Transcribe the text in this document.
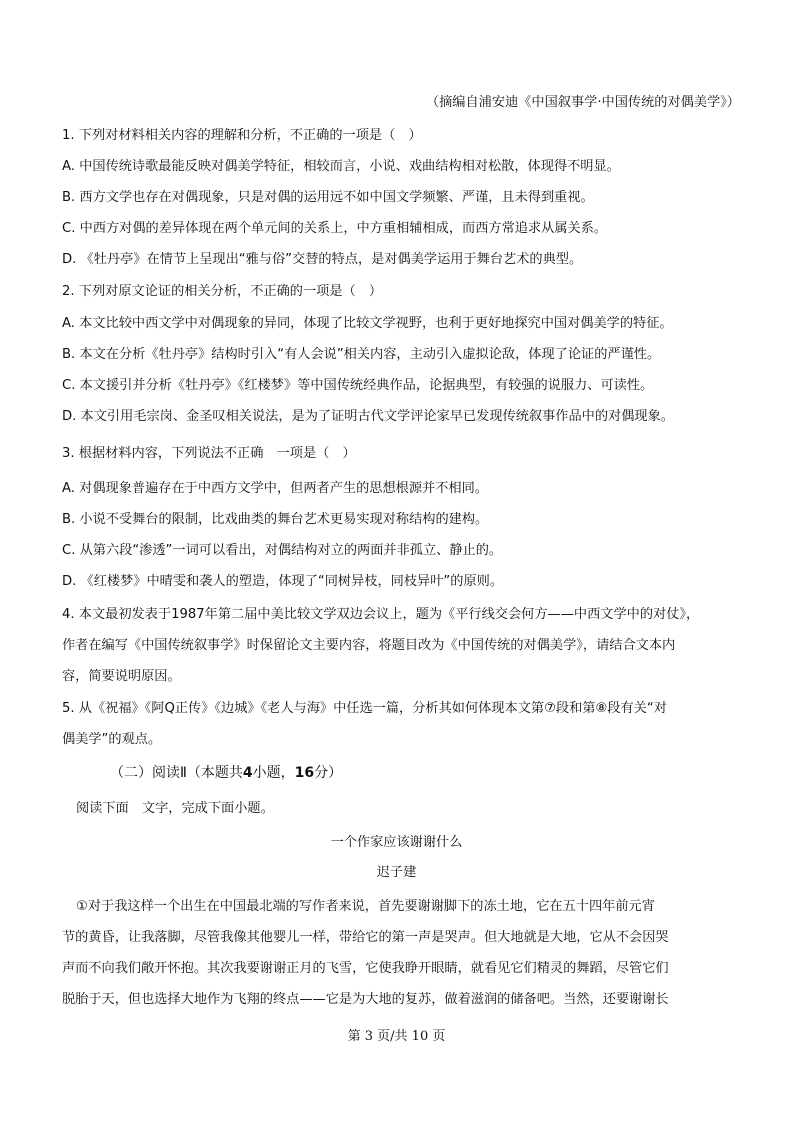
（摘编自浦安迪《中国叙事学·中国传统的对偶美学》）
1. 下列对材料相关内容的理解和分析，不正确的一项是（　）
A. 中国传统诗歌最能反映对偶美学特征，相较而言，小说、戏曲结构相对松散，体现得不明显。
B. 西方文学也存在对偶现象，只是对偶的运用远不如中国文学频繁、严谨，且未得到重视。
C. 中西方对偶的差异体现在两个单元间的关系上，中方重相辅相成，而西方常追求从属关系。
D. 《牡丹亭》在情节上呈现出“雅与俗”交替的特点，是对偶美学运用于舞台艺术的典型。
2. 下列对原文论证的相关分析，不正确的一项是（　）
A. 本文比较中西文学中对偶现象的异同，体现了比较文学视野，也利于更好地探究中国对偶美学的特征。
B. 本文在分析《牡丹亭》结构时引入“有人会说”相关内容，主动引入虚拟论敌，体现了论证的严谨性。
C. 本文援引并分析《牡丹亭》《红楼梦》等中国传统经典作品，论据典型，有较强的说服力、可读性。
D. 本文引用毛宗岗、金圣叹相关说法，是为了证明古代文学评论家早已发现传统叙事作品中的对偶现象。
3. 根据材料内容，下列说法不正确　一项是（　）
A. 对偶现象普遍存在于中西方文学中，但两者产生的思想根源并不相同。
B. 小说不受舞台的限制，比戏曲类的舞台艺术更易实现对称结构的建构。
C. 从第六段“渗透”一词可以看出，对偶结构对立的两面并非孤立、静止的。
D. 《红楼梦》中晴雯和袭人的塑造，体现了“同树异枝，同枝异叶”的原则。
4. 本文最初发表于1987年第二届中美比较文学双边会议上，题为《平行线交会何方——中西文学中的对仗》，
作者在编写《中国传统叙事学》时保留论文主要内容，将题目改为《中国传统的对偶美学》，请结合文本内
容，简要说明原因。
5. 从《祝福》《阿Q正传》《边城》《老人与海》中任选一篇，分析其如何体现本文第⑦段和第⑧段有关“对
偶美学”的观点。
（二）阅读Ⅱ（本题共4小题，16分）
阅读下面　文字，完成下面小题。
一个作家应该谢谢什么
迟子建
①对于我这样一个出生在中国最北端的写作者来说，首先要谢谢脚下的冻土地，它在五十四年前元宵
节的黄昏，让我落脚，尽管我像其他婴儿一样，带给它的第一声是哭声。但大地就是大地，它从不会因哭
声而不向我们敞开怀抱。其次我要谢谢正月的飞雪，它使我睁开眼睛，就看见它们精灵的舞蹈，尽管它们
脱胎于天，但也选择大地作为飞翔的终点——它是为大地的复苏，做着滋润的储备吧。当然，还要谢谢长
第 3 页/共 10 页
